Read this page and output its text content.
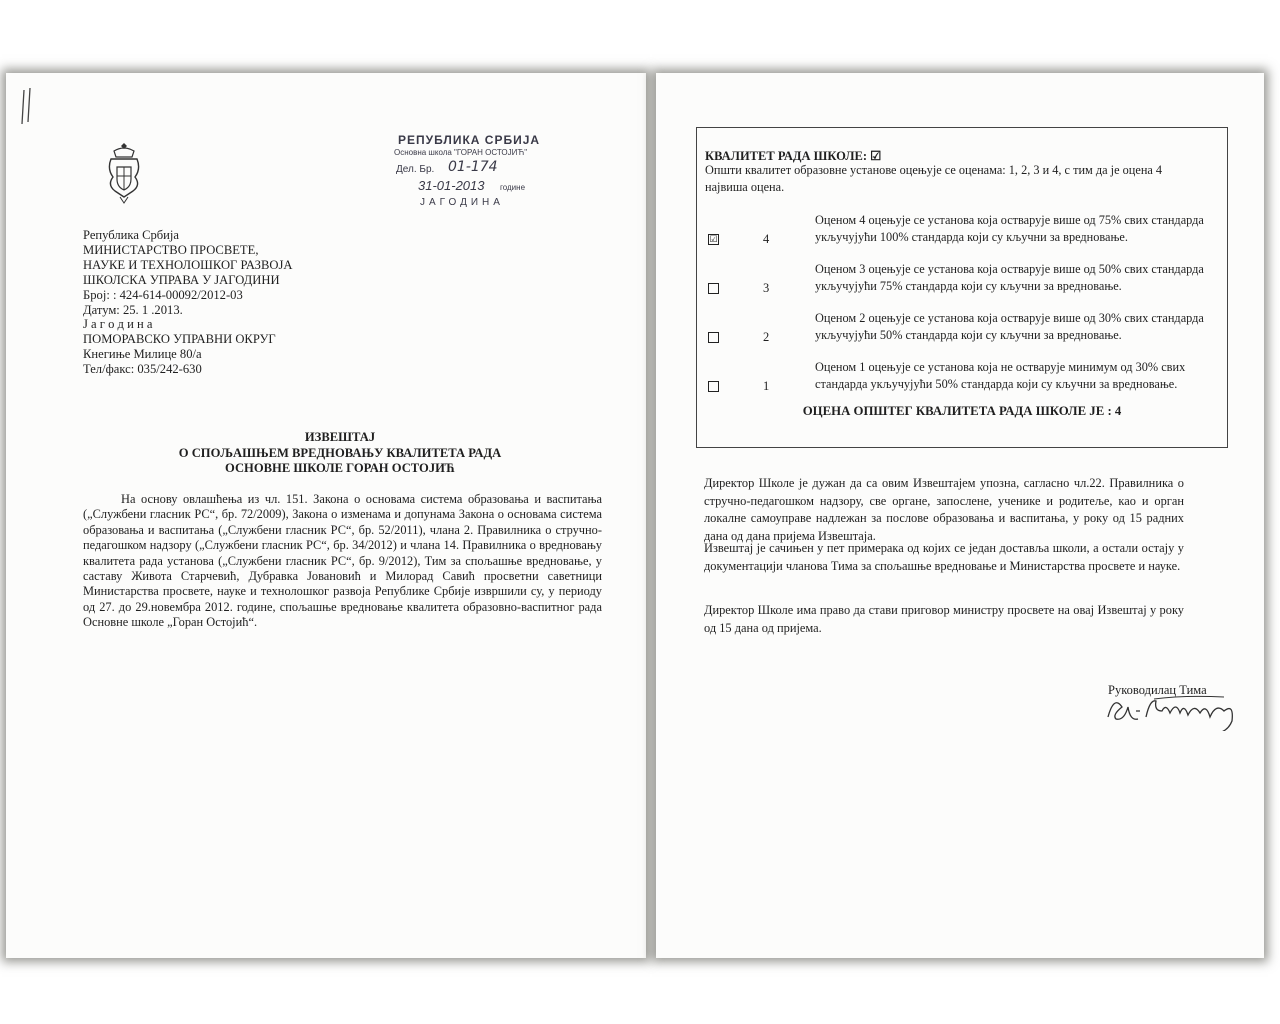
РЕПУБЛИКА СРБИЈА
Основна школа "ГОРАН ОСТОЈИЋ"
Дел. Бр. 01-174
31-01-2013 године
ЈАГОДИНА
Република Србија
МИНИСТАРСТВО ПРОСВЕТЕ,
НАУКЕ И ТЕХНОЛОШКОГ РАЗВОЈА
ШКОЛСКА УПРАВА У ЈАГОДИНИ
Број: : 424-614-00092/2012-03
Датум: 25. 1 .2013.
Ј а г о д и н а
ПОМОРАВСКО УПРАВНИ ОКРУГ
Кнегиње Милице 80/а
Тел/факс: 035/242-630
ИЗВЕШТАЈ
О СПОЉАШЊЕМ ВРЕДНОВАЊУ КВАЛИТЕТА РАДА
ОСНОВНЕ ШКОЛЕ ГОРАН ОСТОЈИЋ
На основу овлашћења из чл. 151. Закона о основама система образовања и васпитања („Службени гласник РС“, бр. 72/2009), Закона о изменама и допунама Закона о основама система образовања и васпитања („Службени гласник РС“, бр. 52/2011), члана 2. Правилника о стручно-педагошком надзору („Службени гласник РС“, бр. 34/2012) и члана 14. Правилника о вредновању квалитета рада установа („Службени гласник РС“, бр. 9/2012), Тим за спољашње вредновање, у саставу Живота Старчевић, Дубравка Јовановић и Милорад Савић просветни саветници Министарства просвете, науке и технолошког развоја Републике Србије извршили су, у периоду од 27. до 29.новембра 2012. године, спољашње вредновање квалитета образовно-васпитног рада Основне школе „Горан Остојић“.
КВАЛИТЕТ РАДА ШКОЛЕ: ☑
Општи квалитет образовне установе оцењује се оценама: 1, 2, 3 и 4, с тим да је оцена 4 највиша оцена.
☑	4
Оценом 4 оцењује се установа која остварује више од 75% свих стандарда укључујући 100% стандарда који су кључни за вредновање.
3
Оценом 3 оцењује се установа која остварује више од 50% свих стандарда укључујући 75% стандарда који су кључни за вредновање.
2
Оценом 2 оцењује се установа која остварује више од 30% свих стандарда укључујући 50% стандарда који су кључни за вредновање.
1
Оценом 1 оцењује се установа која не остварује минимум од 30% свих стандарда укључујући 50% стандарда који су кључни за вредновање.
ОЦЕНА ОПШТЕГ КВАЛИТЕТА РАДА ШКОЛЕ ЈЕ : 4
Директор Школе је дужан да са овим Извештајем упозна, сагласно чл.22. Правилника о стручно-педагошком надзору, све органе, запослене, ученике и родитеље, као и орган локалне самоуправе надлежан за послове образовања и васпитања, у року од 15 радних дана од дана пријема Извештаја.
Извештај је сачињен у пет примерака од којих се један доставља школи, а остали остају у документацији чланова Тима за спољашње вредновање и Министарства просвете и науке.
Директор Школе има право да стави приговор министру просвете на овај Извештај у року од 15 дана од пријема.
Руководилац Тима
